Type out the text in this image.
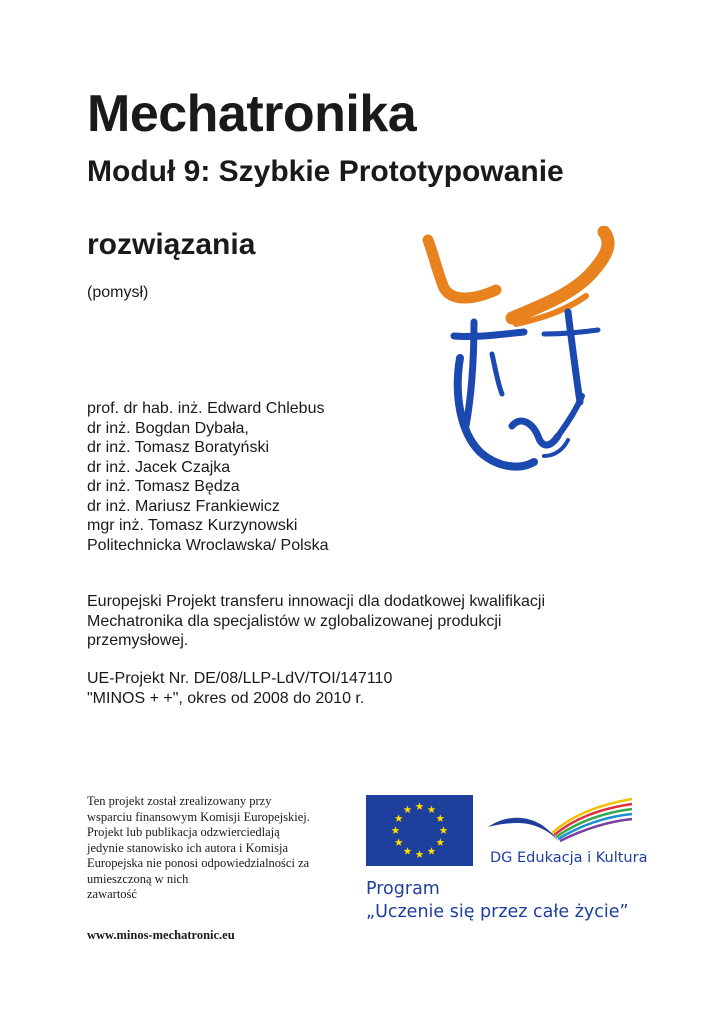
Mechatronika
Moduł 9: Szybkie Prototypowanie
rozwiązania
(pomysł)
prof. dr hab. inż. Edward Chlebus
dr inż. Bogdan Dybała,
dr inż. Tomasz Boratyński
dr inż. Jacek Czajka
dr inż. Tomasz Będza
dr inż. Mariusz Frankiewicz
mgr inż. Tomasz Kurzynowski
Politechnicka Wroclawska/ Polska

Europejski Projekt transferu innowacji dla dodatkowej kwalifikacji
Mechatronika dla specjalistów w zglobalizowanej produkcji
przemysłowej.

UE-Projekt Nr. DE/08/LLP-LdV/TOI/147110
"MINOS + +", okres od 2008 do 2010 r.

Ten projekt został zrealizowany przy
wsparciu finansowym Komisji Europejskiej.
Projekt lub publikacja odzwierciedlają
jedynie stanowisko ich autora i Komisja
Europejska nie ponosi odpowiedzialności za
umieszczoną w nich
zawartość

www.minos-mechatronic.eu
DG Edukacja i Kultura
Program
„Uczenie się przez całe życie”
